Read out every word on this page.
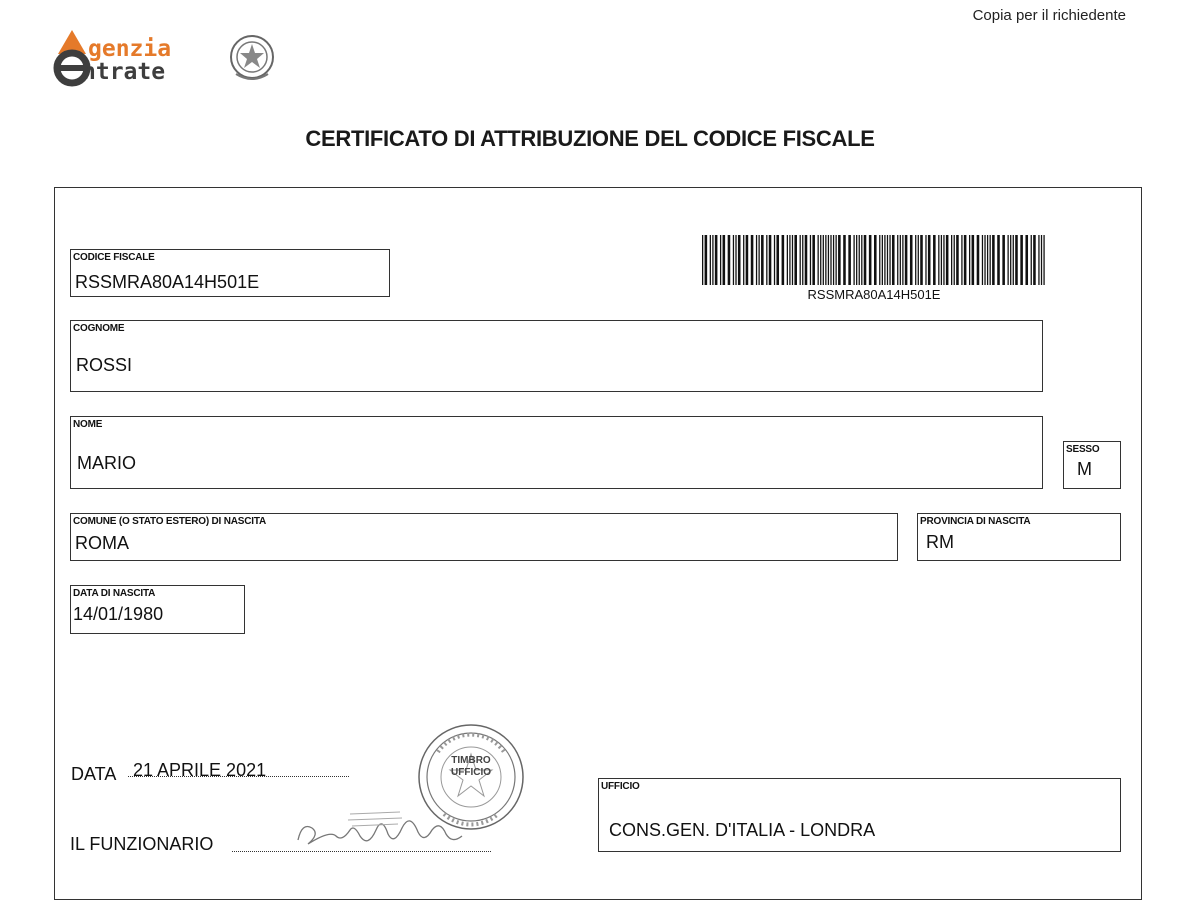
Copia per il richiedente
genzia
ntrate
CERTIFICATO DI ATTRIBUZIONE DEL CODICE FISCALE
CODICE FISCALE
RSSMRA80A14H501E
RSSMRA80A14H501E
COGNOME
ROSSI
NOME
MARIO
SESSO
M
COMUNE (O STATO ESTERO) DI NASCITA
ROMA
PROVINCIA DI NASCITA
RM
DATA DI NASCITA
14/01/1980
DATA 21 APRILE 2021	TIMBRO
UFFICIO
IL FUNZIONARIO
UFFICIO
CONS.GEN. D'ITALIA - LONDRA
